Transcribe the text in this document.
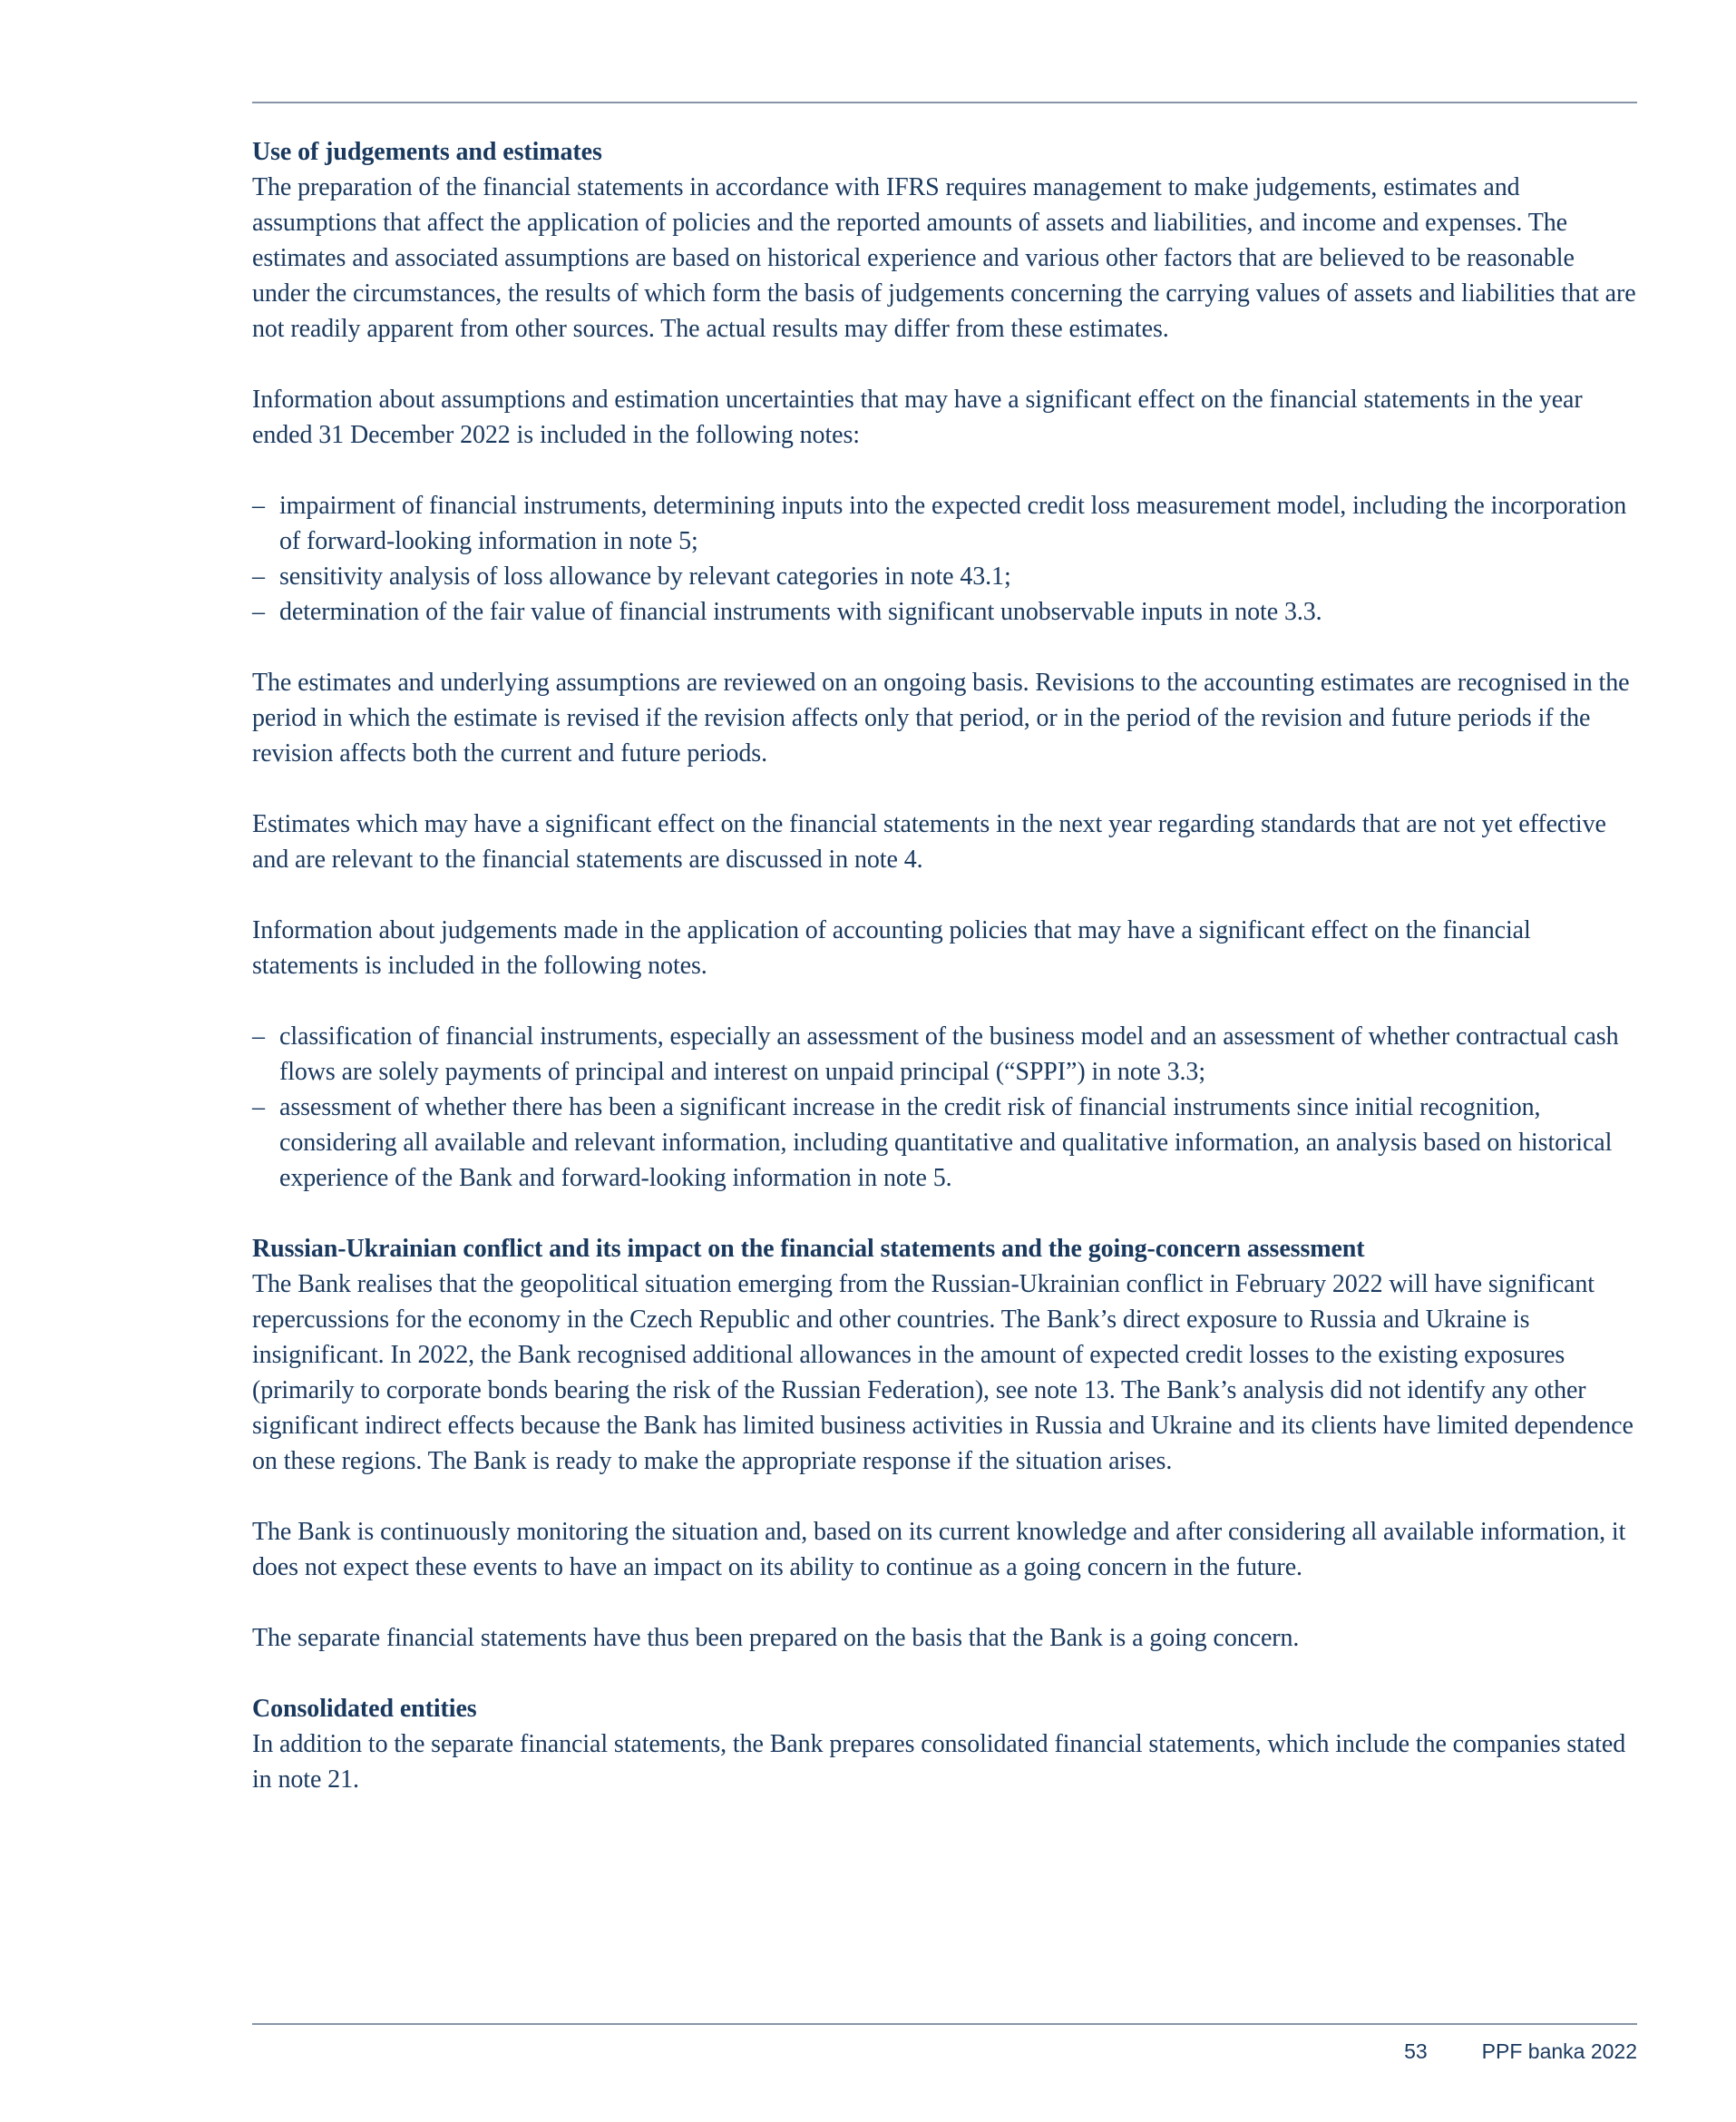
Use of judgements and estimates

The preparation of the financial statements in accordance with IFRS requires management to make judgements, estimates and assumptions that affect the application of policies and the reported amounts of assets and liabilities, and income and expenses. The estimates and associated assumptions are based on historical experience and various other factors that are believed to be reasonable under the circumstances, the results of which form the basis of judgements concerning the carrying values of assets and liabilities that are not readily apparent from other sources. The actual results may differ from these estimates.

Information about assumptions and estimation uncertainties that may have a significant effect on the financial statements in the year ended 31 December 2022 is included in the following notes:

– impairment of financial instruments, determining inputs into the expected credit loss measurement model, including the incorporation of forward-looking information in note 5;
– sensitivity analysis of loss allowance by relevant categories in note 43.1;
– determination of the fair value of financial instruments with significant unobservable inputs in note 3.3.

The estimates and underlying assumptions are reviewed on an ongoing basis. Revisions to the accounting estimates are recognised in the period in which the estimate is revised if the revision affects only that period, or in the period of the revision and future periods if the revision affects both the current and future periods.

Estimates which may have a significant effect on the financial statements in the next year regarding standards that are not yet effective and are relevant to the financial statements are discussed in note 4.

Information about judgements made in the application of accounting policies that may have a significant effect on the financial statements is included in the following notes.

– classification of financial instruments, especially an assessment of the business model and an assessment of whether contractual cash flows are solely payments of principal and interest on unpaid principal (“SPPI”) in note 3.3;
– assessment of whether there has been a significant increase in the credit risk of financial instruments since initial recognition, considering all available and relevant information, including quantitative and qualitative information, an analysis based on historical experience of the Bank and forward-looking information in note 5.
Russian-Ukrainian conflict and its impact on the financial statements and the going-concern assessment

The Bank realises that the geopolitical situation emerging from the Russian-Ukrainian conflict in February 2022 will have significant repercussions for the economy in the Czech Republic and other countries. The Bank’s direct exposure to Russia and Ukraine is insignificant. In 2022, the Bank recognised additional allowances in the amount of expected credit losses to the existing exposures (primarily to corporate bonds bearing the risk of the Russian Federation), see note 13. The Bank’s analysis did not identify any other significant indirect effects because the Bank has limited business activities in Russia and Ukraine and its clients have limited dependence on these regions. The Bank is ready to make the appropriate response if the situation arises.

The Bank is continuously monitoring the situation and, based on its current knowledge and after considering all available information, it does not expect these events to have an impact on its ability to continue as a going concern in the future.

The separate financial statements have thus been prepared on the basis that the Bank is a going concern.

Consolidated entities

In addition to the separate financial statements, the Bank prepares consolidated financial statements, which include the companies stated in note 21.

53	PPF banka 2022
